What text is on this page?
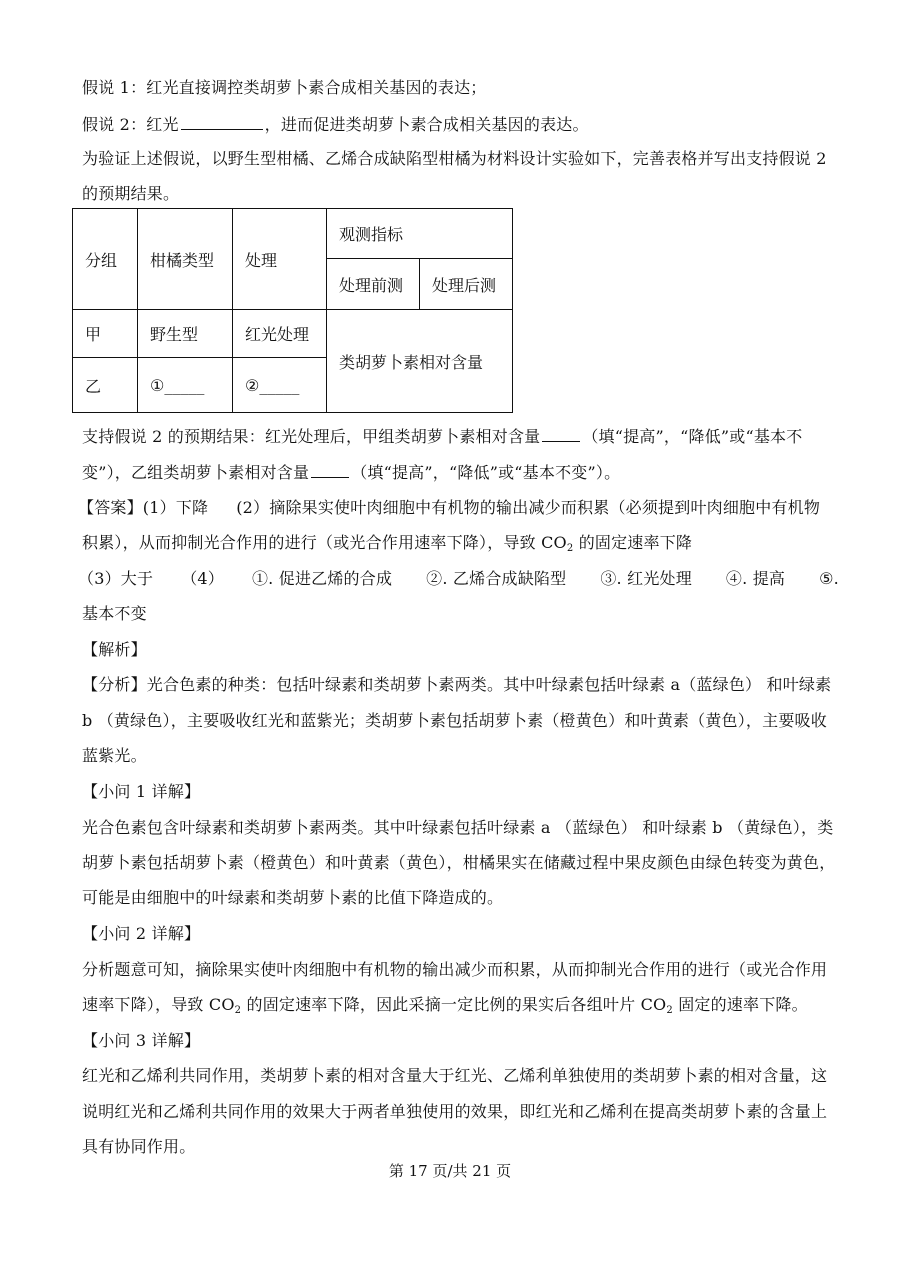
假说 1：红光直接调控类胡萝卜素合成相关基因的表达；
假说 2：红光	，进而促进类胡萝卜素合成相关基因的表达。
为验证上述假说，以野生型柑橘、乙烯合成缺陷型柑橘为材料设计实验如下，完善表格并写出支持假说 2
的预期结果。
分组	柑橘类型	处理	观测指标	
			处理前测	处理后测
甲	野生型	红光处理	类胡萝卜素相对含量	
乙	①_____	②_____		
支持假说 2 的预期结果：红光处理后，甲组类胡萝卜素相对含量	（填“提高”，“降低”或“基本不
变”），乙组类胡萝卜素相对含量	（填“提高”，“降低”或“基本不变”）。
【答案】(1）下降 (2）摘除果实使叶肉细胞中有机物的输出减少而积累（必须提到叶肉细胞中有机物
积累），从而抑制光合作用的进行（或光合作用速率下降），导致 $CO_2$ 的固定速率下降
（3）大于 （4） ①. 促进乙烯的合成 ②. 乙烯合成缺陷型 ③. 红光处理 ④. 提高 ⑤.
基本不变
【解析】
【分析】光合色素的种类：包括叶绿素和类胡萝卜素两类。其中叶绿素包括叶绿素 a（蓝绿色） 和叶绿素
b （黄绿色），主要吸收红光和蓝紫光；类胡萝卜素包括胡萝卜素（橙黄色）和叶黄素（黄色），主要吸收
蓝紫光。
【小问 1 详解】
光合色素包含叶绿素和类胡萝卜素两类。其中叶绿素包括叶绿素 a （蓝绿色） 和叶绿素 b （黄绿色），类
胡萝卜素包括胡萝卜素（橙黄色）和叶黄素（黄色），柑橘果实在储藏过程中果皮颜色由绿色转变为黄色，
可能是由细胞中的叶绿素和类胡萝卜素的比值下降造成的。
【小问 2 详解】
分析题意可知，摘除果实使叶肉细胞中有机物的输出减少而积累，从而抑制光合作用的进行（或光合作用
速率下降），导致 $CO_2$ 的固定速率下降，因此采摘一定比例的果实后各组叶片 $CO_2$ 固定的速率下降。
【小问 3 详解】
红光和乙烯利共同作用，类胡萝卜素的相对含量大于红光、乙烯利单独使用的类胡萝卜素的相对含量，这
说明红光和乙烯利共同作用的效果大于两者单独使用的效果，即红光和乙烯利在提高类胡萝卜素的含量上
具有协同作用。
第 17 页/共 21 页
